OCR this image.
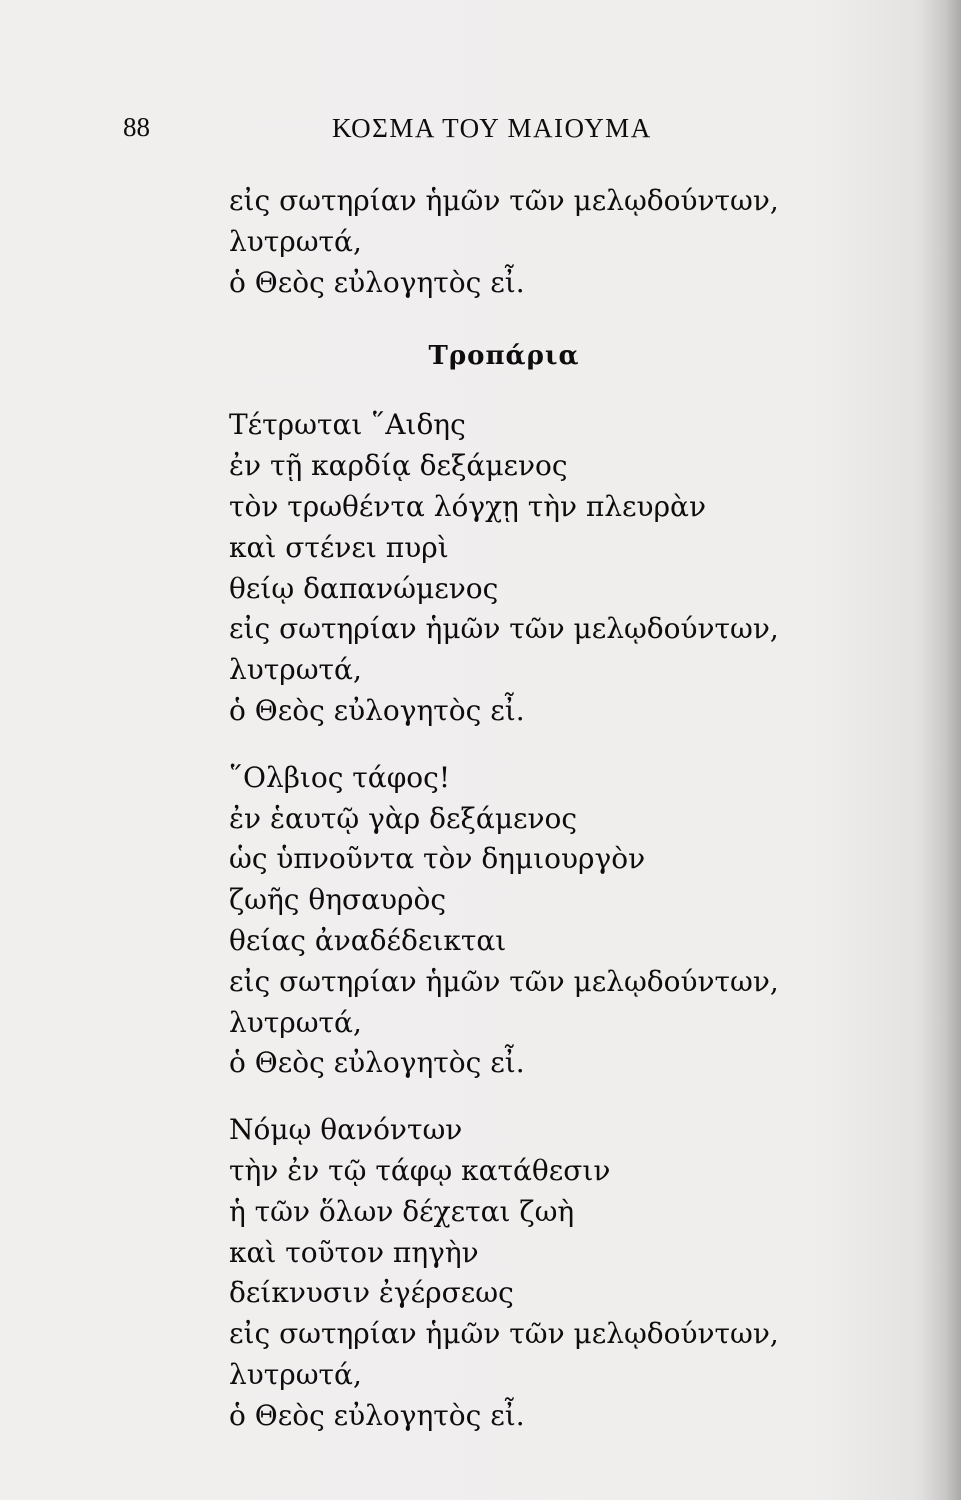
88	ΚΟΣΜΑ ΤΟΥ ΜΑΙΟΥΜΑ
εἰς σωτηρίαν ἡμῶν τῶν μελῳδούντων,
λυτρωτά,
ὁ Θεὸς εὐλογητὸς εἶ.
Τροπάρια
Τέτρωται ῞Αιδης
ἐν τῇ καρδίᾳ δεξάμενος
τὸν τρωθέντα λόγχῃ τὴν πλευρὰν
καὶ στένει πυρὶ
θείῳ δαπανώμενος
εἰς σωτηρίαν ἡμῶν τῶν μελῳδούντων,
λυτρωτά,
ὁ Θεὸς εὐλογητὸς εἶ.
῞Ολβιος τάφος!
ἐν ἑαυτῷ γὰρ δεξάμενος
ὡς ὑπνοῦντα τὸν δημιουργὸν
ζωῆς θησαυρὸς
θείας ἀναδέδεικται
εἰς σωτηρίαν ἡμῶν τῶν μελῳδούντων,
λυτρωτά,
ὁ Θεὸς εὐλογητὸς εἶ.
Νόμῳ θανόντων
τὴν ἐν τῷ τάφῳ κατάθεσιν
ἡ τῶν ὅλων δέχεται ζωὴ
καὶ τοῦτον πηγὴν
δείκνυσιν ἐγέρσεως
εἰς σωτηρίαν ἡμῶν τῶν μελῳδούντων,
λυτρωτά,
ὁ Θεὸς εὐλογητὸς εἶ.
